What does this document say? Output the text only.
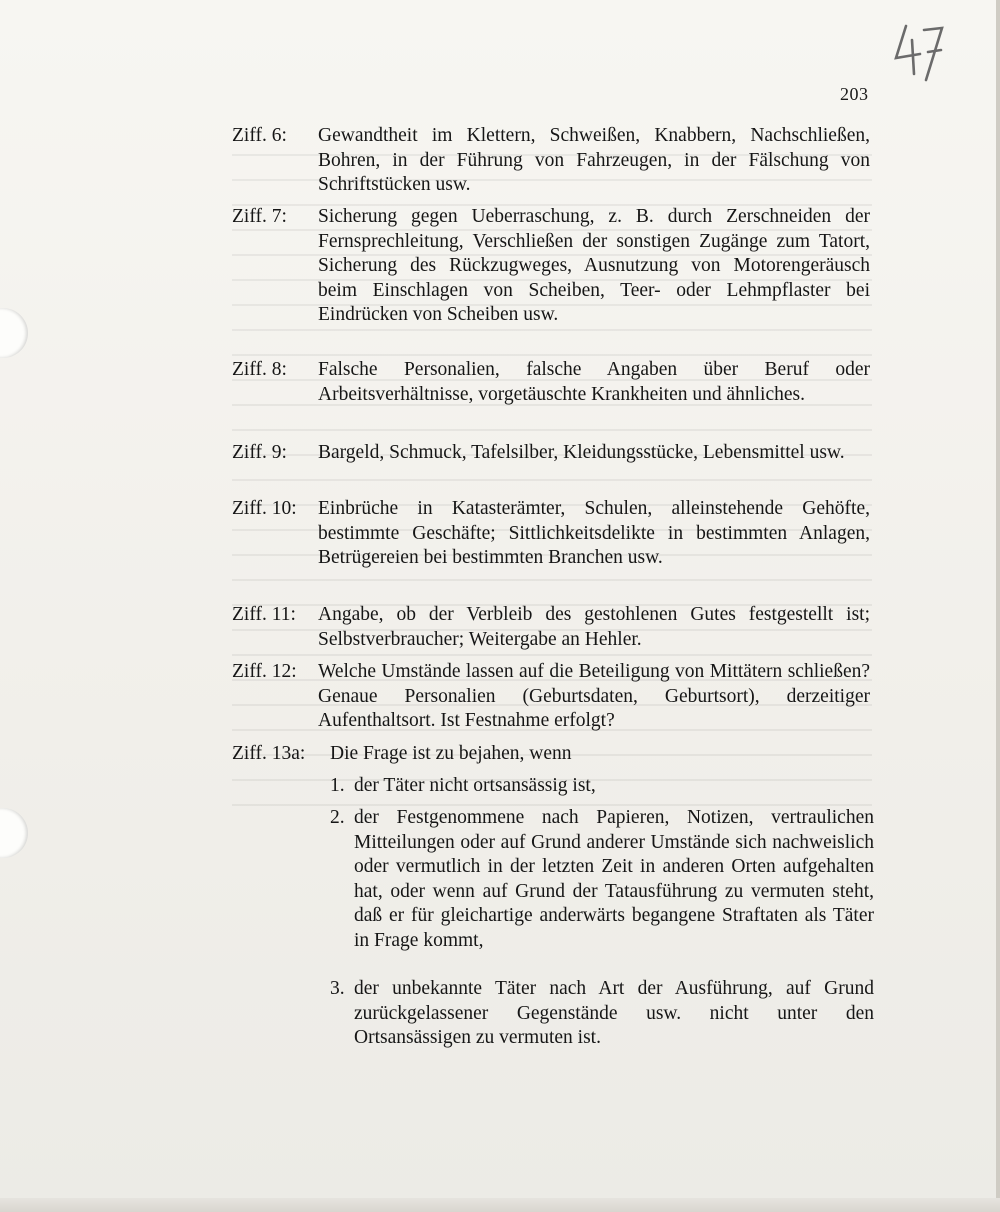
203
Ziff. 6: Gewandtheit im Klettern, Schweißen, Knabbern, Nachschließen, Bohren, in der Führung von Fahrzeugen, in der Fälschung von Schriftstücken usw.
Ziff. 7: Sicherung gegen Ueberraschung, z. B. durch Zerschneiden der Fernsprechleitung, Verschließen der sonstigen Zugänge zum Tatort, Sicherung des Rückzugweges, Ausnutzung von Motorengeräusch beim Einschlagen von Scheiben, Teer- oder Lehmpflaster bei Eindrücken von Scheiben usw.
Ziff. 8: Falsche Personalien, falsche Angaben über Beruf oder Arbeitsverhältnisse, vorgetäuschte Krankheiten und ähnliches.
Ziff. 9: Bargeld, Schmuck, Tafelsilber, Kleidungsstücke, Lebensmittel usw.
Ziff. 10: Einbrüche in Katasterämter, Schulen, alleinstehende Gehöfte, bestimmte Geschäfte; Sittlichkeitsdelikte in bestimmten Anlagen, Betrügereien bei bestimmten Branchen usw.
Ziff. 11: Angabe, ob der Verbleib des gestohlenen Gutes festgestellt ist; Selbstverbraucher; Weitergabe an Hehler.
Ziff. 12: Welche Umstände lassen auf die Beteiligung von Mittätern schließen? Genaue Personalien (Geburtsdaten, Geburtsort), derzeitiger Aufenthaltsort. Ist Festnahme erfolgt?
Ziff. 13a: Die Frage ist zu bejahen, wenn
1. der Täter nicht ortsansässig ist,
2. der Festgenommene nach Papieren, Notizen, vertraulichen Mitteilungen oder auf Grund anderer Umstände sich nachweislich oder vermutlich in der letzten Zeit in anderen Orten aufgehalten hat, oder wenn auf Grund der Tatausführung zu vermuten steht, daß er für gleichartige anderwärts begangene Straftaten als Täter in Frage kommt,
3. der unbekannte Täter nach Art der Ausführung, auf Grund zurückgelassener Gegenstände usw. nicht unter den Ortsansässigen zu vermuten ist.
